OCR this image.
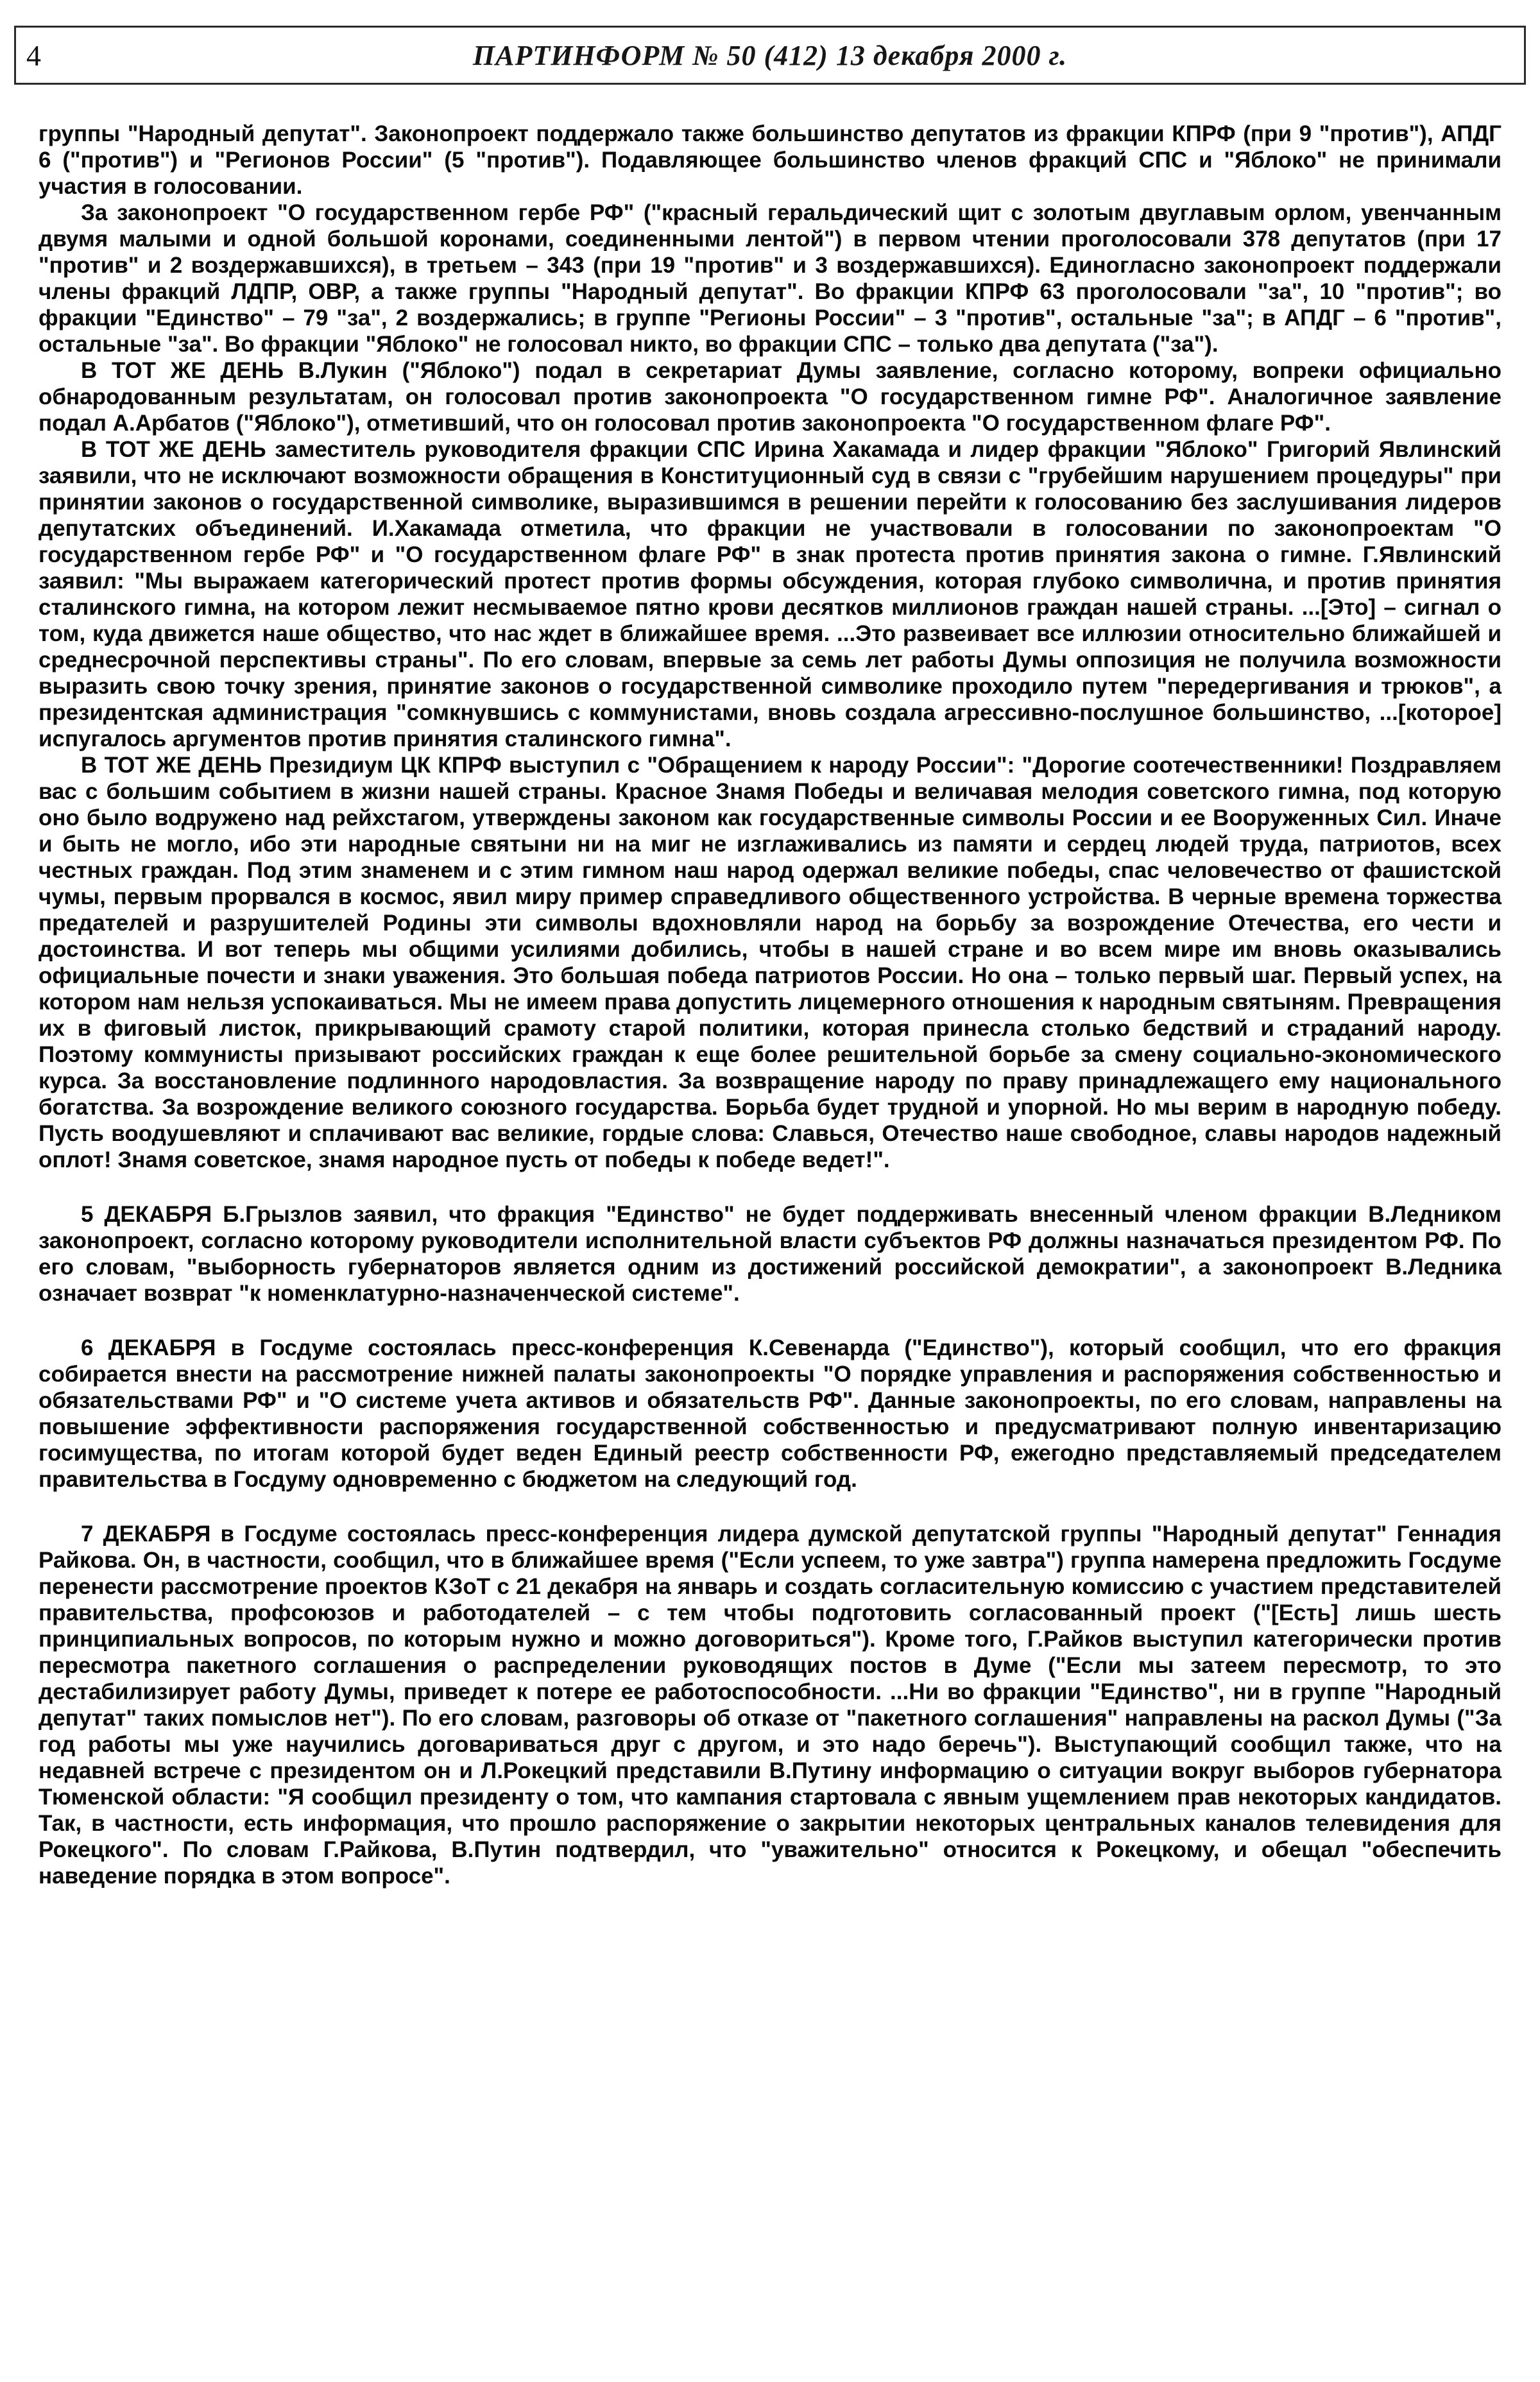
4	ПАРТИНФОРМ № 50 (412) 13 декабря 2000 г.

группы "Народный депутат". Законопроект поддержало также большинство депутатов из фракции КПРФ (при 9 "против"), АПДГ 6 ("против") и "Регионов России" (5 "против"). Подавляющее большинство членов фракций СПС и "Яблоко" не принимали участия в голосовании.

За законопроект "О государственном гербе РФ" ("красный геральдический щит с золотым двуглавым орлом, увенчанным двумя малыми и одной большой коронами, соединенными лентой") в первом чтении проголосовали 378 депутатов (при 17 "против" и 2 воздержавшихся), в третьем – 343 (при 19 "против" и 3 воздержавшихся). Единогласно законопроект поддержали члены фракций ЛДПР, ОВР, а также группы "Народный депутат". Во фракции КПРФ 63 проголосовали "за", 10 "против"; во фракции "Единство" – 79 "за", 2 воздержались; в группе "Регионы России" – 3 "против", остальные "за"; в АПДГ – 6 "против", остальные "за". Во фракции "Яблоко" не голосовал никто, во фракции СПС – только два депутата ("за").

В ТОТ ЖЕ ДЕНЬ В.Лукин ("Яблоко") подал в секретариат Думы заявление, согласно которому, вопреки официально обнародованным результатам, он голосовал против законопроекта "О государственном гимне РФ". Аналогичное заявление подал А.Арбатов ("Яблоко"), отметивший, что он голосовал против законопроекта "О государственном флаге РФ".

В ТОТ ЖЕ ДЕНЬ заместитель руководителя фракции СПС Ирина Хакамада и лидер фракции "Яблоко" Григорий Явлинский заявили, что не исключают возможности обращения в Конституционный суд в связи с "грубейшим нарушением процедуры" при принятии законов о государственной символике, выразившимся в решении перейти к голосованию без заслушивания лидеров депутатских объединений. И.Хакамада отметила, что фракции не участвовали в голосовании по законопроектам "О государственном гербе РФ" и "О государственном флаге РФ" в знак протеста против принятия закона о гимне. Г.Явлинский заявил: "Мы выражаем категорический протест против формы обсуждения, которая глубоко символична, и против принятия сталинского гимна, на котором лежит несмываемое пятно крови десятков миллионов граждан нашей страны. ...[Это] – сигнал о том, куда движется наше общество, что нас ждет в ближайшее время. ...Это развеивает все иллюзии относительно ближайшей и среднесрочной перспективы страны". По его словам, впервые за семь лет работы Думы оппозиция не получила возможности выразить свою точку зрения, принятие законов о государственной символике проходило путем "передергивания и трюков", а президентская администрация "сомкнувшись с коммунистами, вновь создала агрессивно-послушное большинство, ...[которое] испугалось аргументов против принятия сталинского гимна".

В ТОТ ЖЕ ДЕНЬ Президиум ЦК КПРФ выступил с "Обращением к народу России": "Дорогие соотечественники! Поздравляем вас с большим событием в жизни нашей страны. Красное Знамя Победы и величавая мелодия советского гимна, под которую оно было водружено над рейхстагом, утверждены законом как государственные символы России и ее Вооруженных Сил. Иначе и быть не могло, ибо эти народные святыни ни на миг не изглаживались из памяти и сердец людей труда, патриотов, всех честных граждан. Под этим знаменем и с этим гимном наш народ одержал великие победы, спас человечество от фашистской чумы, первым прорвался в космос, явил миру пример справедливого общественного устройства. В черные времена торжества предателей и разрушителей Родины эти символы вдохновляли народ на борьбу за возрождение Отечества, его чести и достоинства. И вот теперь мы общими усилиями добились, чтобы в нашей стране и во всем мире им вновь оказывались официальные почести и знаки уважения. Это большая победа патриотов России. Но она – только первый шаг. Первый успех, на котором нам нельзя успокаиваться. Мы не имеем права допустить лицемерного отношения к народным святыням. Превращения их в фиговый листок, прикрывающий срамоту старой политики, которая принесла столько бедствий и страданий народу. Поэтому коммунисты призывают российских граждан к еще более решительной борьбе за смену социально-экономического курса. За восстановление подлинного народовластия. За возвращение народу по праву принадлежащего ему национального богатства. За возрождение великого союзного государства. Борьба будет трудной и упорной. Но мы верим в народную победу. Пусть воодушевляют и сплачивают вас великие, гордые слова: Славься, Отечество наше свободное, славы народов надежный оплот! Знамя советское, знамя народное пусть от победы к победе ведет!".

5 ДЕКАБРЯ Б.Грызлов заявил, что фракция "Единство" не будет поддерживать внесенный членом фракции В.Ледником законопроект, согласно которому руководители исполнительной власти субъектов РФ должны назначаться президентом РФ. По его словам, "выборность губернаторов является одним из достижений российской демократии", а законопроект В.Ледника означает возврат "к номенклатурно-назначенческой системе".

6 ДЕКАБРЯ в Госдуме состоялась пресс-конференция К.Севенарда ("Единство"), который сообщил, что его фракция собирается внести на рассмотрение нижней палаты законопроекты "О порядке управления и распоряжения собственностью и обязательствами РФ" и "О системе учета активов и обязательств РФ". Данные законопроекты, по его словам, направлены на повышение эффективности распоряжения государственной собственностью и предусматривают полную инвентаризацию госимущества, по итогам которой будет веден Единый реестр собственности РФ, ежегодно представляемый председателем правительства в Госдуму одновременно с бюджетом на следующий год.

7 ДЕКАБРЯ в Госдуме состоялась пресс-конференция лидера думской депутатской группы "Народный депутат" Геннадия Райкова. Он, в частности, сообщил, что в ближайшее время ("Если успеем, то уже завтра") группа намерена предложить Госдуме перенести рассмотрение проектов КЗоТ с 21 декабря на январь и создать согласительную комиссию с участием представителей правительства, профсоюзов и работодателей – с тем чтобы подготовить согласованный проект ("[Есть] лишь шесть принципиальных вопросов, по которым нужно и можно договориться"). Кроме того, Г.Райков выступил категорически против пересмотра пакетного соглашения о распределении руководящих постов в Думе ("Если мы затеем пересмотр, то это дестабилизирует работу Думы, приведет к потере ее работоспособности. ...Ни во фракции "Единство", ни в группе "Народный депутат" таких помыслов нет"). По его словам, разговоры об отказе от "пакетного соглашения" направлены на раскол Думы ("За год работы мы уже научились договариваться друг с другом, и это надо беречь"). Выступающий сообщил также, что на недавней встрече с президентом он и Л.Рокецкий представили В.Путину информацию о ситуации вокруг выборов губернатора Тюменской области: "Я сообщил президенту о том, что кампания стартовала с явным ущемлением прав некоторых кандидатов. Так, в частности, есть информация, что прошло распоряжение о закрытии некоторых центральных каналов телевидения для Рокецкого". По словам Г.Райкова, В.Путин подтвердил, что "уважительно" относится к Рокецкому, и обещал "обеспечить наведение порядка в этом вопросе".
